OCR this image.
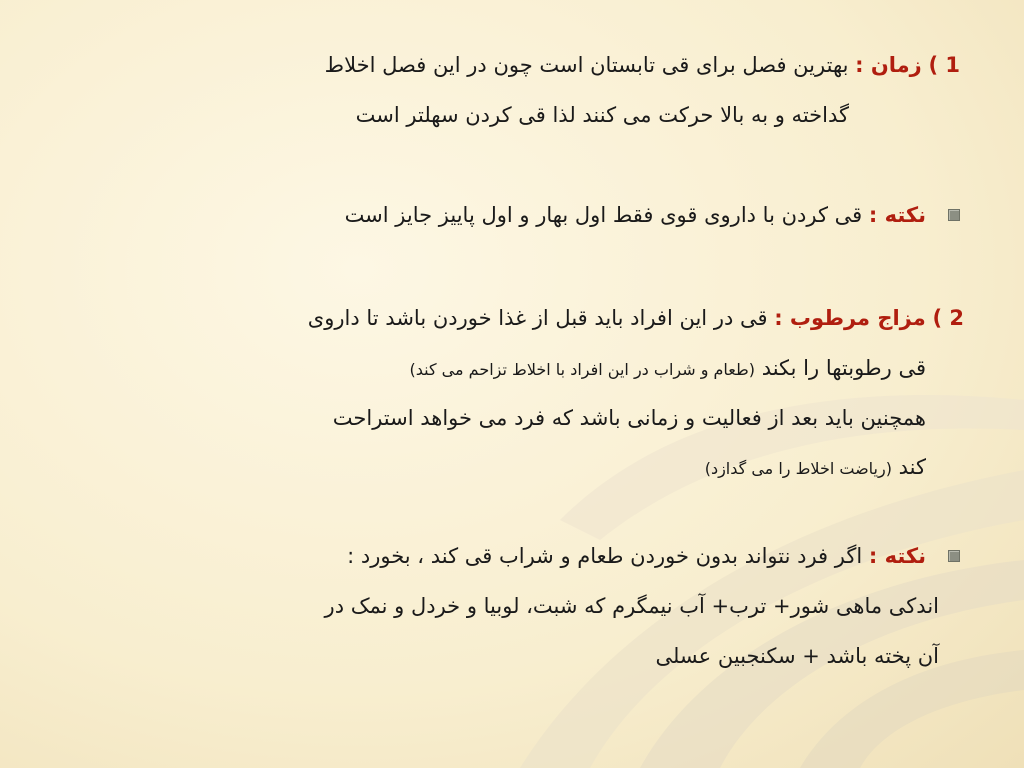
1 ) زمان : بهترین فصل برای قی تابستان است چون در این فصل اخلاط
گداخته و به بالا حرکت می کنند لذا قی کردن سهلتر است
نکته : قی کردن با داروی قوی فقط اول بهار و اول پاییز جایز است
2 ) مزاج مرطوب : قی در این افراد باید قبل از غذا خوردن باشد تا داروی
قی رطوبتها را بکند (طعام و شراب در این افراد با اخلاط تزاحم می کند)
همچنین باید بعد از فعالیت و زمانی باشد که فرد می خواهد استراحت
کند (ریاضت اخلاط را می گدازد)
نکته : اگر فرد نتواند بدون خوردن طعام و شراب قی کند ، بخورد :
اندکی ماهی شور+ ترب+ آب نیمگرم که شبت، لوبیا و خردل و نمک در
آن پخته باشد + سکنجبین عسلی
